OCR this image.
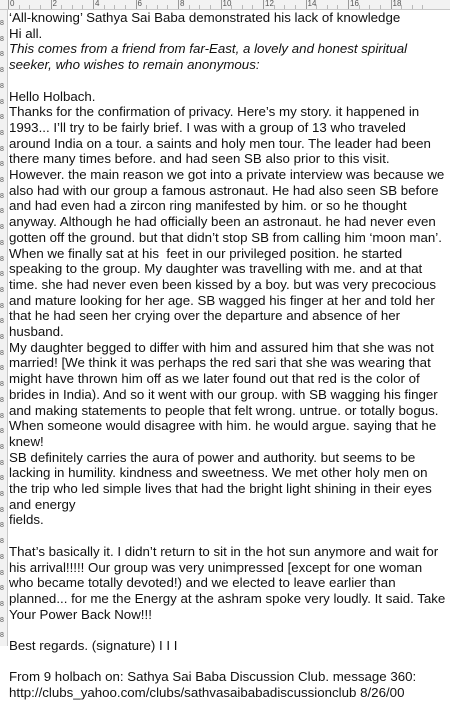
0	2	4	6	8	10	12	14	16	18
8
8
8
8
8
8
8
8
8
8
8
8
8
8
8
8
8
8
8
8
8
8
8
8
8
8
8
8
8
8
8
8
8
8
8
8
8
8
8
8

‘All-knowing’ Sathya Sai Baba demonstrated his lack of knowledge

Hi all.

This comes from a friend from far-East, a lovely and honest spiritual seeker, who wishes to remain anonymous:

Hello Holbach.

Thanks for the confirmation of privacy. Here’s my story. it happened in 1993... I’ll try to be fairly brief. I was with a group of 13 who traveled around India on a tour. a saints and holy men tour. The leader had been there many times before. and had seen SB also prior to this visit. However. the main reason we got into a private interview was because we also had with our group a famous astronaut. He had also seen SB before and had even had a zircon ring manifested by him. or so he thought anyway. Although he had officially been an astronaut. he had never even gotten off the ground. but that didn’t stop SB from calling him ‘moon man’. When we finally sat at his  feet in our privileged position. he started speaking to the group. My daughter was travelling with me. and at that time. she had never even been kissed by a boy. but was very precocious and mature looking for her age. SB wagged his finger at her and told her that he had seen her crying over the departure and absence of her husband.

My daughter begged to differ with him and assured him that she was not married! [We think it was perhaps the red sari that she was wearing that might have thrown him off as we later found out that red is the color of brides in India). And so it went with our group. with SB wagging his finger and making statements to people that felt wrong. untrue. or totally bogus. When someone would disagree with him. he would argue. saying that he knew!

SB definitely carries the aura of power and authority. but seems to be lacking in humility. kindness and sweetness. We met other holy men on the trip who led simple lives that had the bright light shining in their eyes and energy

fields.

That’s basically it. I didn’t return to sit in the hot sun anymore and wait for his arrival!!!!! Our group was very unimpressed [except for one woman who became totally devoted!) and we elected to leave earlier than planned... for me the Energy at the ashram spoke very loudly. It said. Take Your Power Back Now!!!

Best regards. (signature) I I I

From 9 holbach on: Sathya Sai Baba Discussion Club. message 360:

http://clubs_yahoo.com/clubs/sathvasaibabadiscussionclub 8/26/00
